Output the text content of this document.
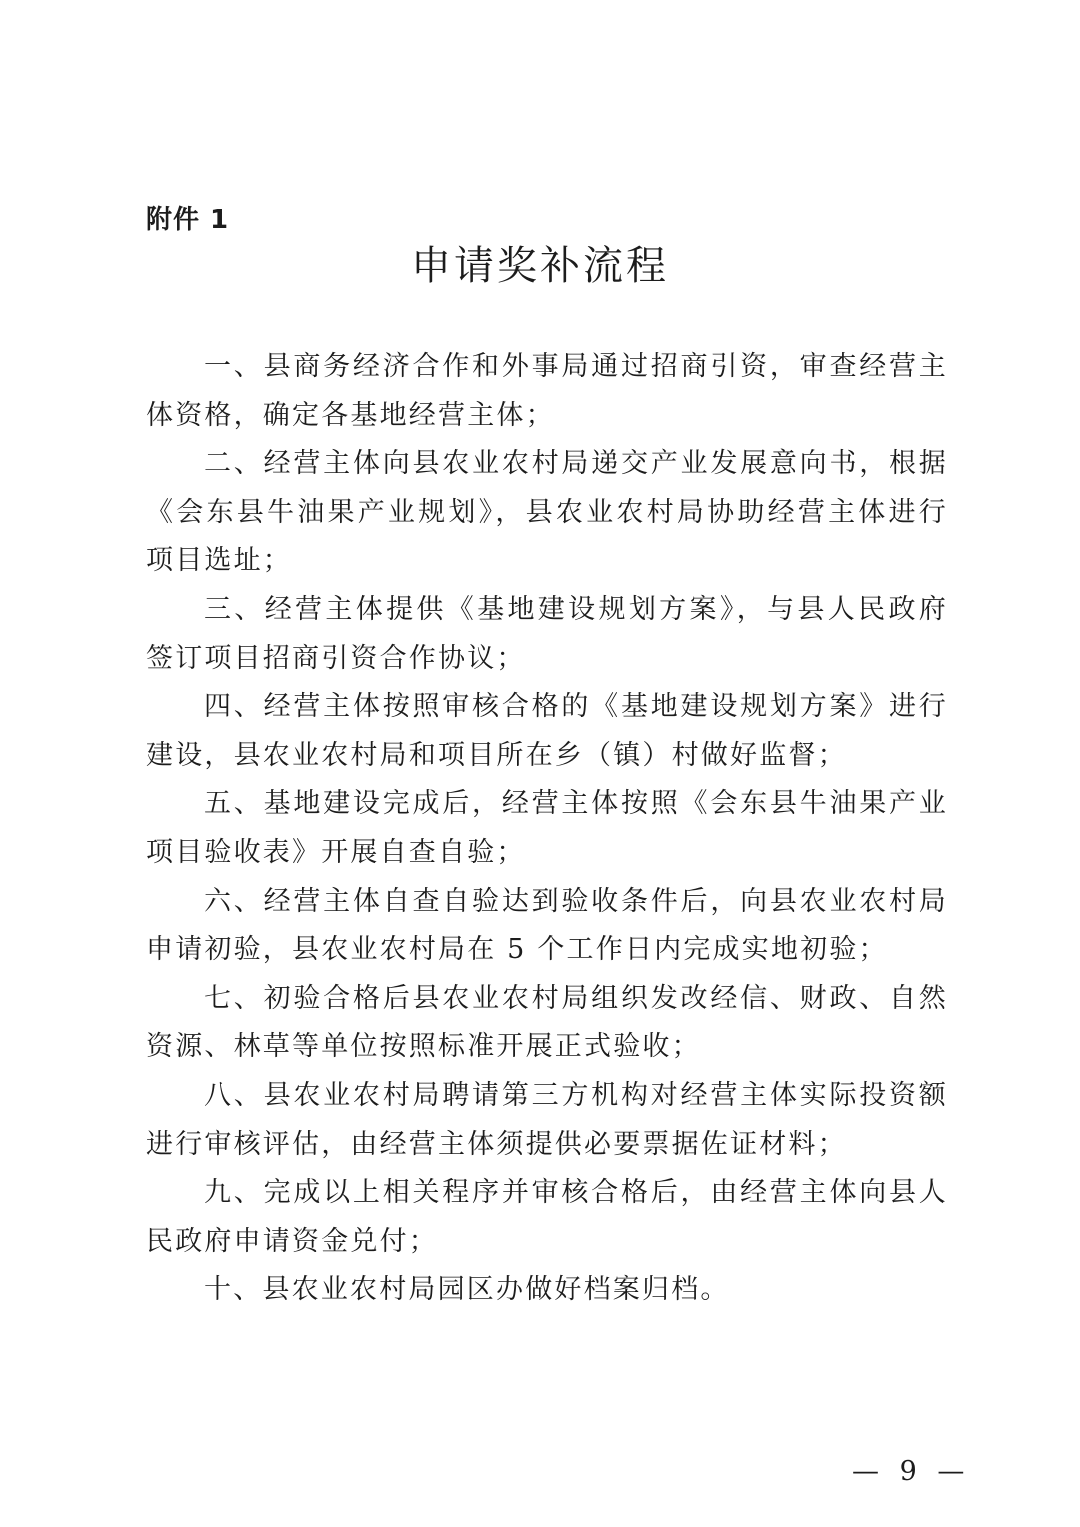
附件 1
申请奖补流程

一、县商务经济合作和外事局通过招商引资，审查经营主体资格，确定各基地经营主体；

二、经营主体向县农业农村局递交产业发展意向书，根据《会东县牛油果产业规划》，县农业农村局协助经营主体进行项目选址；

三、经营主体提供《基地建设规划方案》，与县人民政府签订项目招商引资合作协议；

四、经营主体按照审核合格的《基地建设规划方案》进行建设，县农业农村局和项目所在乡（镇）村做好监督；

五、基地建设完成后，经营主体按照《会东县牛油果产业项目验收表》开展自查自验；

六、经营主体自查自验达到验收条件后，向县农业农村局申请初验，县农业农村局在 5 个工作日内完成实地初验；

七、初验合格后县农业农村局组织发改经信、财政、自然资源、林草等单位按照标准开展正式验收；

八、县农业农村局聘请第三方机构对经营主体实际投资额进行审核评估，由经营主体须提供必要票据佐证材料；

九、完成以上相关程序并审核合格后，由经营主体向县人民政府申请资金兑付；

十、县农业农村局园区办做好档案归档。

— 9 —
